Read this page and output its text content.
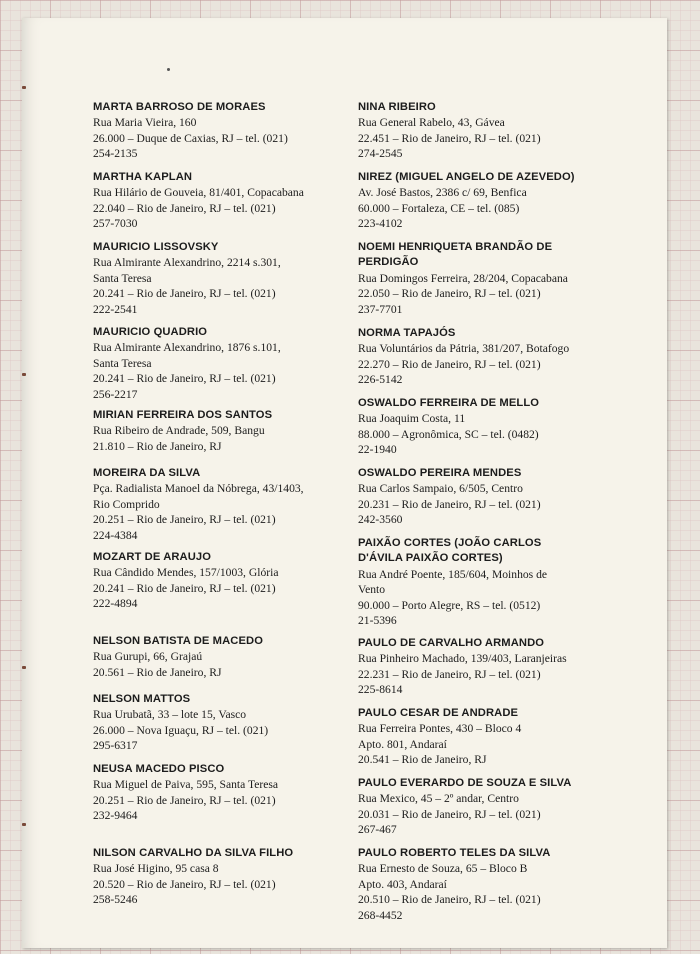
MARTA BARROSO DE MORAES
Rua Maria Vieira, 160
26.000 – Duque de Caxias, RJ – tel. (021)
254-2135
MARTHA KAPLAN
Rua Hilário de Gouveia, 81/401, Copacabana
22.040 – Rio de Janeiro, RJ – tel. (021)
257-7030
MAURICIO LISSOVSKY
Rua Almirante Alexandrino, 2214 s.301,
Santa Teresa
20.241 – Rio de Janeiro, RJ – tel. (021)
222-2541
MAURICIO QUADRIO
Rua Almirante Alexandrino, 1876 s.101,
Santa Teresa
20.241 – Rio de Janeiro, RJ – tel. (021)
256-2217
MIRIAN FERREIRA DOS SANTOS
Rua Ribeiro de Andrade, 509, Bangu
21.810 – Rio de Janeiro, RJ
MOREIRA DA SILVA
Pça. Radialista Manoel da Nóbrega, 43/1403,
Rio Comprido
20.251 – Rio de Janeiro, RJ – tel. (021)
224-4384
MOZART DE ARAUJO
Rua Cândido Mendes, 157/1003, Glória
20.241 – Rio de Janeiro, RJ – tel. (021)
222-4894
NELSON BATISTA DE MACEDO
Rua Gurupi, 66, Grajaú
20.561 – Rio de Janeiro, RJ
NELSON MATTOS
Rua Urubatã, 33 – lote 15, Vasco
26.000 – Nova Iguaçu, RJ – tel. (021)
295-6317
NEUSA MACEDO PISCO
Rua Miguel de Paiva, 595, Santa Teresa
20.251 – Rio de Janeiro, RJ – tel. (021)
232-9464
NILSON CARVALHO DA SILVA FILHO
Rua José Higino, 95 casa 8
20.520 – Rio de Janeiro, RJ – tel. (021)
258-5246
NINA RIBEIRO
Rua General Rabelo, 43, Gávea
22.451 – Rio de Janeiro, RJ – tel. (021)
274-2545
NIREZ (MIGUEL ANGELO DE AZEVEDO)
Av. José Bastos, 2386 c/ 69, Benfica
60.000 – Fortaleza, CE – tel. (085)
223-4102
NOEMI HENRIQUETA BRANDÃO DE PERDIGÃO
Rua Domingos Ferreira, 28/204, Copacabana
22.050 – Rio de Janeiro, RJ – tel. (021)
237-7701
NORMA TAPAJÓS
Rua Voluntários da Pátria, 381/207, Botafogo
22.270 – Rio de Janeiro, RJ – tel. (021)
226-5142
OSWALDO FERREIRA DE MELLO
Rua Joaquim Costa, 11
88.000 – Agronômica, SC – tel. (0482)
22-1940
OSWALDO PEREIRA MENDES
Rua Carlos Sampaio, 6/505, Centro
20.231 – Rio de Janeiro, RJ – tel. (021)
242-3560
PAIXÃO CORTES (JOÃO CARLOS D'ÁVILA PAIXÃO CORTES)
Rua André Poente, 185/604, Moinhos de
Vento
90.000 – Porto Alegre, RS – tel. (0512)
21-5396
PAULO DE CARVALHO ARMANDO
Rua Pinheiro Machado, 139/403, Laranjeiras
22.231 – Rio de Janeiro, RJ – tel. (021)
225-8614
PAULO CESAR DE ANDRADE
Rua Ferreira Pontes, 430 – Bloco 4
Apto. 801, Andaraí
20.541 – Rio de Janeiro, RJ
PAULO EVERARDO DE SOUZA E SILVA
Rua Mexico, 45 – 2º andar, Centro
20.031 – Rio de Janeiro, RJ – tel. (021)
267-467
PAULO ROBERTO TELES DA SILVA
Rua Ernesto de Souza, 65 – Bloco B
Apto. 403, Andaraí
20.510 – Rio de Janeiro, RJ – tel. (021)
268-4452
